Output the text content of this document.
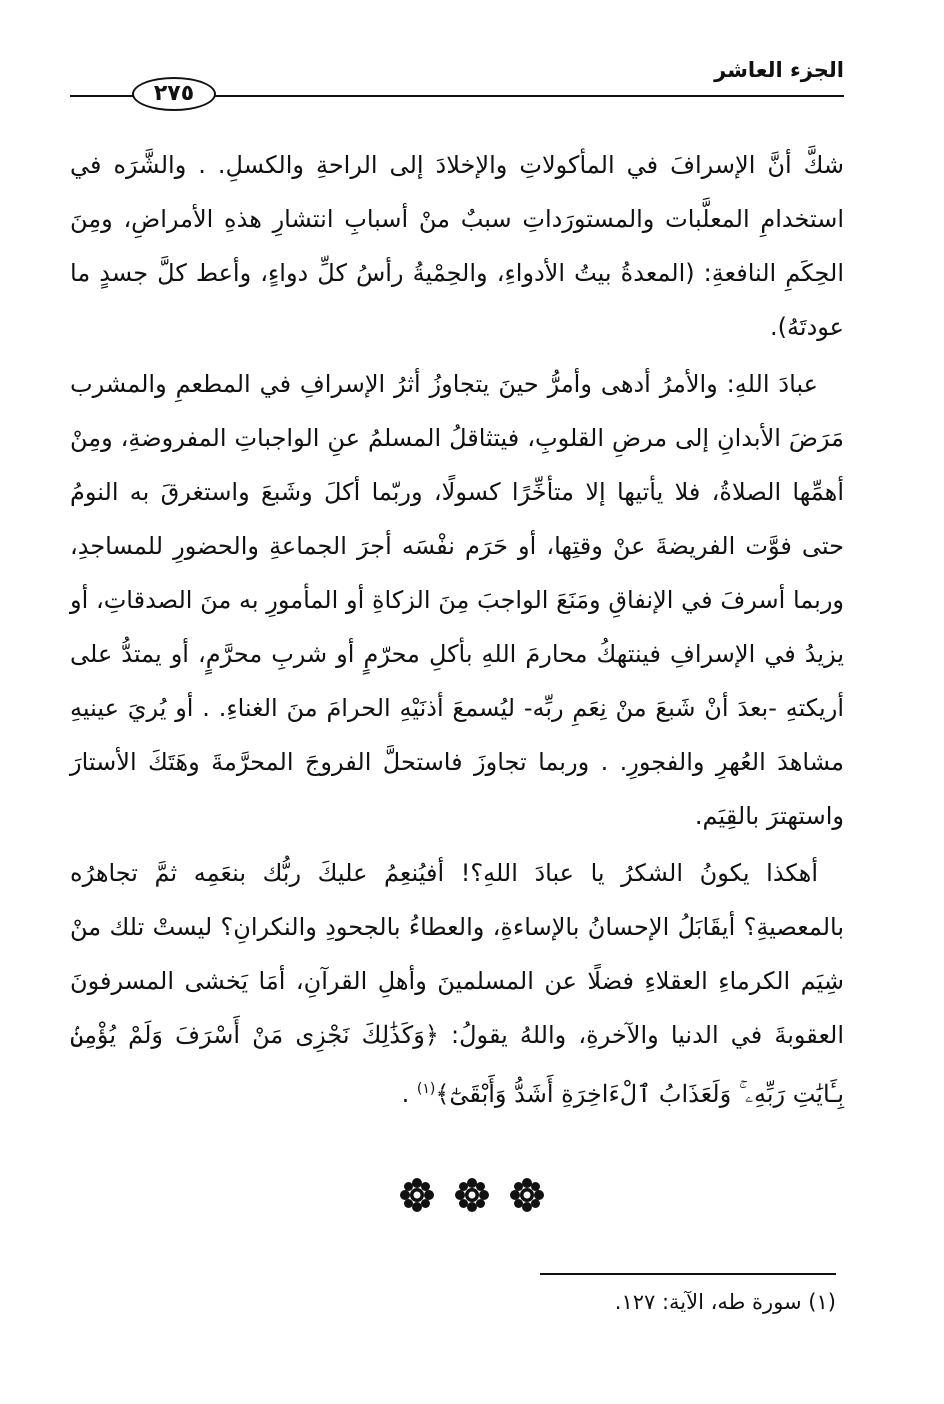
الجزء العاشر
٢٧٥

شكَّ أنَّ الإسرافَ في المأكولاتِ والإخلادَ إلى الراحةِ والكسلِ. . والشَّرَه في استخدامِ المعلَّبات والمستورَداتِ سببٌ منْ أسبابِ انتشارِ هذهِ الأمراضِ، ومِنَ الحِكَمِ النافعةِ: (المعدةُ بيتُ الأدواءِ، والحِمْيةُ رأسُ كلِّ دواءٍ، وأعط كلَّ جسدٍ ما عودتَهُ).

عبادَ اللهِ: والأمرُ أدهى وأمرُّ حينَ يتجاوزُ أثرُ الإسرافِ في المطعمِ والمشرب مَرَضَ الأبدانِ إلى مرضِ القلوبِ، فيتثاقلُ المسلمُ عنِ الواجباتِ المفروضةِ، ومِنْ أهمِّها الصلاةُ، فلا يأتيها إلا متأخِّرًا كسولًا، وربّما أكلَ وشَبعَ واستغرقَ به النومُ حتى فوَّت الفريضةَ عنْ وقتِها، أو حَرَم نفْسَه أجرَ الجماعةِ والحضورِ للمساجدِ، وربما أسرفَ في الإنفاقِ ومَنَعَ الواجبَ مِنَ الزكاةِ أو المأمورِ به منَ الصدقاتِ، أو يزيدُ في الإسرافِ فينتهكُ محارمَ اللهِ بأكلِ محرّمٍ أو شربِ محرَّمٍ، أو يمتدُّ على أريكتهِ -بعدَ أنْ شَبعَ منْ نِعَمِ ربِّه- ليُسمعَ أذنَيْهِ الحرامَ منَ الغناءِ. . أو يُريَ عينيهِ مشاهدَ العُهرِ والفجورِ. . وربما تجاوزَ فاستحلَّ الفروجَ المحرَّمةَ وهَتَكَ الأستارَ واستهترَ بالقِيَم.

أهكذا يكونُ الشكرُ يا عبادَ اللهِ؟! أفيُنعِمُ عليكَ ربُّك بنعَمِه ثمَّ تجاهرُه بالمعصيةِ؟ أيقَابَلُ الإحسانُ بالإساءةِ، والعطاءُ بالجحودِ والنكرانِ؟ ليستْ تلك منْ شِيَم الكرماءِ العقلاءِ فضلًا عن المسلمينَ وأهلِ القرآنِ، أمَا يَخشى المسرفونَ العقوبةَ في الدنيا والآخرةِ، واللهُ يقولُ: ﴿وَكَذَٰلِكَ نَجْزِى مَنْ أَسْرَفَ وَلَمْ يُؤْمِنۢ بِـَٔايَٰتِ رَبِّهِۦ ۚ وَلَعَذَابُ ٱلْءَاخِرَةِ أَشَدُّ وَأَبْقَىٰٓ﴾$^{(١)}$ .

(١) سورة طه، الآية: ١٢٧.
